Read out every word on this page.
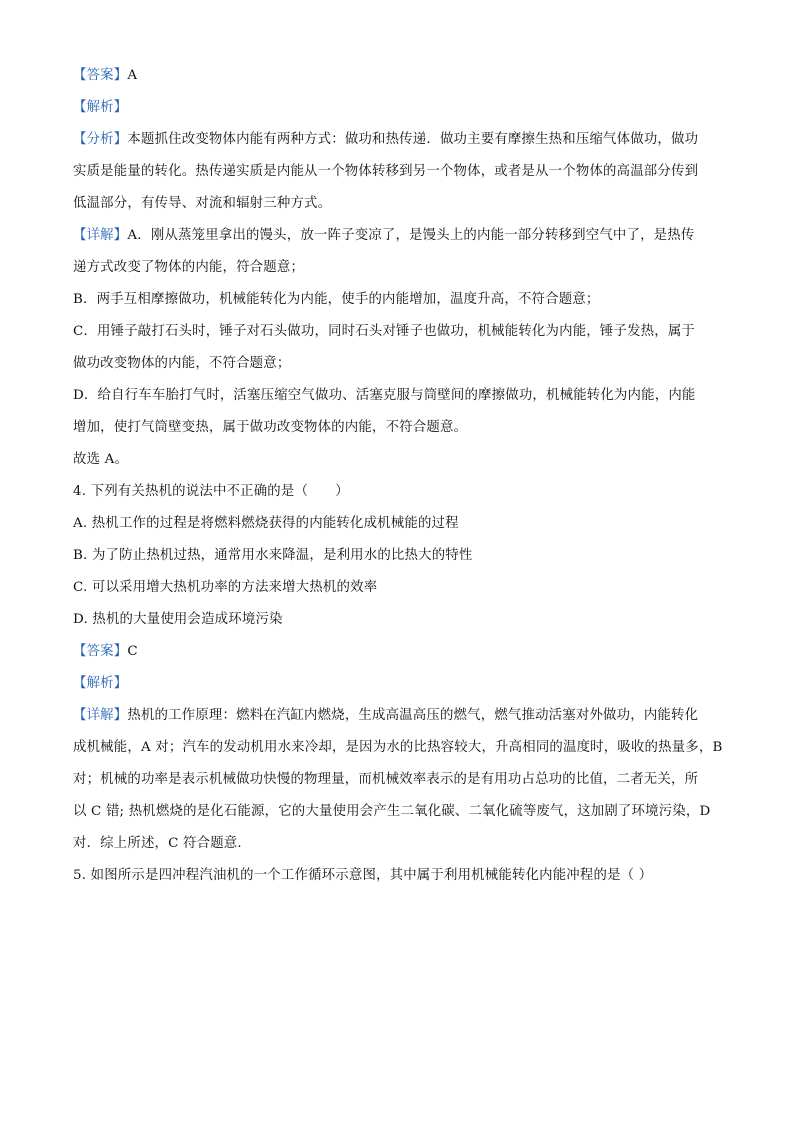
【答案】A
【解析】
【分析】本题抓住改变物体内能有两种方式：做功和热传递．做功主要有摩擦生热和压缩气体做功，做功
实质是能量的转化。热传递实质是内能从一个物体转移到另一个物体，或者是从一个物体的高温部分传到
低温部分，有传导、对流和辐射三种方式。
【详解】A．刚从蒸笼里拿出的馒头，放一阵子变凉了，是馒头上的内能一部分转移到空气中了，是热传
递方式改变了物体的内能，符合题意；
B．两手互相摩擦做功，机械能转化为内能，使手的内能增加，温度升高，不符合题意；
C．用锤子敲打石头时，锤子对石头做功，同时石头对锤子也做功，机械能转化为内能，锤子发热，属于
做功改变物体的内能，不符合题意；
D．给自行车车胎打气时，活塞压缩空气做功、活塞克服与筒壁间的摩擦做功，机械能转化为内能，内能
增加，使打气筒壁变热，属于做功改变物体的内能，不符合题意。
故选 A。
4. 下列有关热机的说法中不正确的是（　　）
A. 热机工作的过程是将燃料燃烧获得的内能转化成机械能的过程
B. 为了防止热机过热，通常用水来降温，是利用水的比热大的特性
C. 可以采用增大热机功率的方法来增大热机的效率
D. 热机的大量使用会造成环境污染
【答案】C
【解析】
【详解】热机的工作原理：燃料在汽缸内燃烧，生成高温高压的燃气，燃气推动活塞对外做功，内能转化
成机械能，A 对；汽车的发动机用水来冷却，是因为水的比热容较大，升高相同的温度时，吸收的热量多，B
对；机械的功率是表示机械做功快慢的物理量，而机械效率表示的是有用功占总功的比值，二者无关，所
以 C 错; 热机燃烧的是化石能源，它的大量使用会产生二氧化碳、二氧化硫等废气，这加剧了环境污染，D
对．综上所述，C 符合题意．
5. 如图所示是四冲程汽油机的一个工作循环示意图，其中属于利用机械能转化内能冲程的是（ ）
